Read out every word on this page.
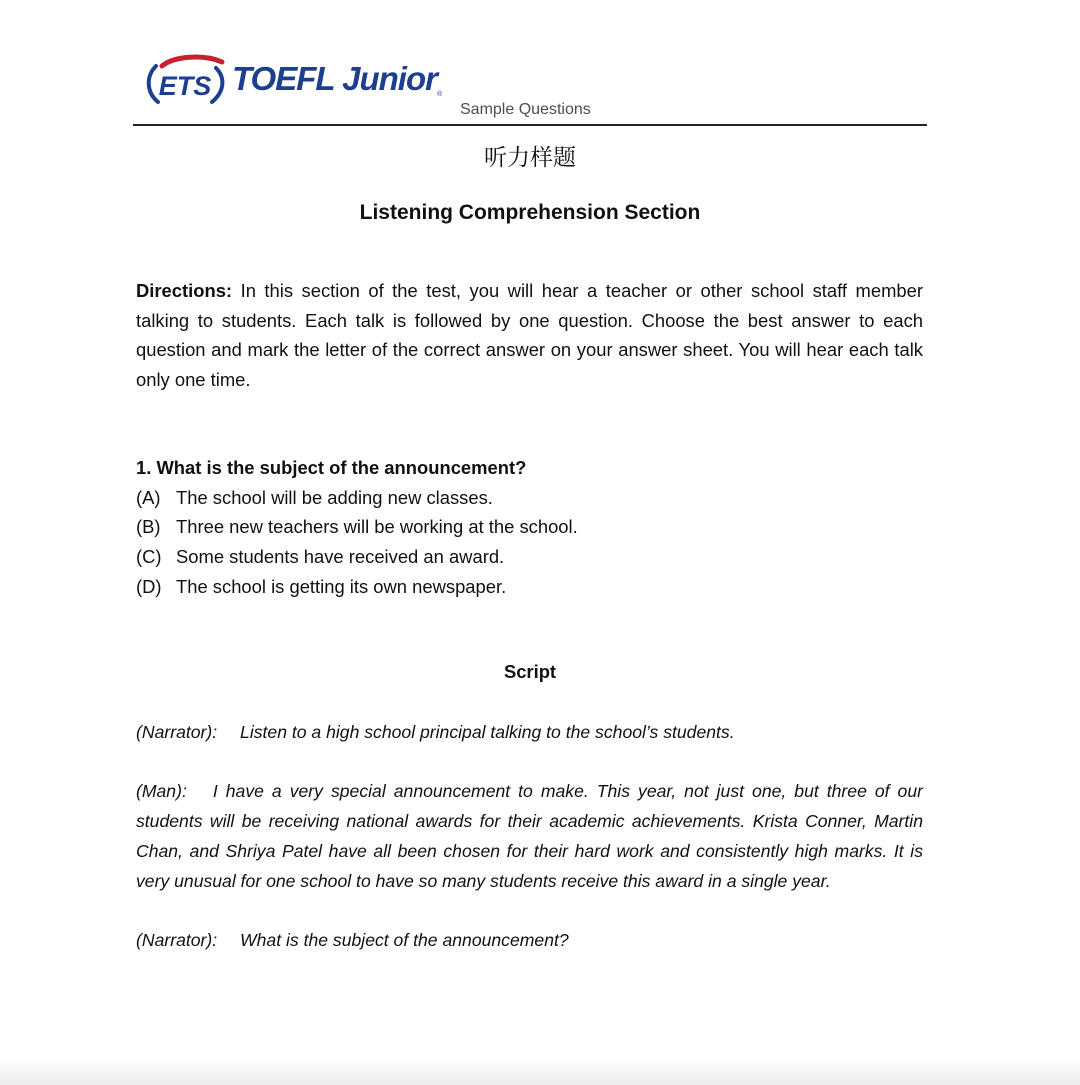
ETS TOEFL Junior®
Sample Questions
听力样题
Listening Comprehension Section
Directions: In this section of the test, you will hear a teacher or other school staff member talking to students. Each talk is followed by one question. Choose the best answer to each question and mark the letter of the correct answer on your answer sheet. You will hear each talk only one time.
1. What is the subject of the announcement?
(A) The school will be adding new classes.
(B) Three new teachers will be working at the school.
(C) Some students have received an award.
(D) The school is getting its own newspaper.
Script

(Narrator): Listen to a high school principal talking to the school’s students.

(Man): I have a very special announcement to make. This year, not just one, but three of our students will be receiving national awards for their academic achievements. Krista Conner, Martin Chan, and Shriya Patel have all been chosen for their hard work and consistently high marks. It is very unusual for one school to have so many students receive this award in a single year.

(Narrator): What is the subject of the announcement?
